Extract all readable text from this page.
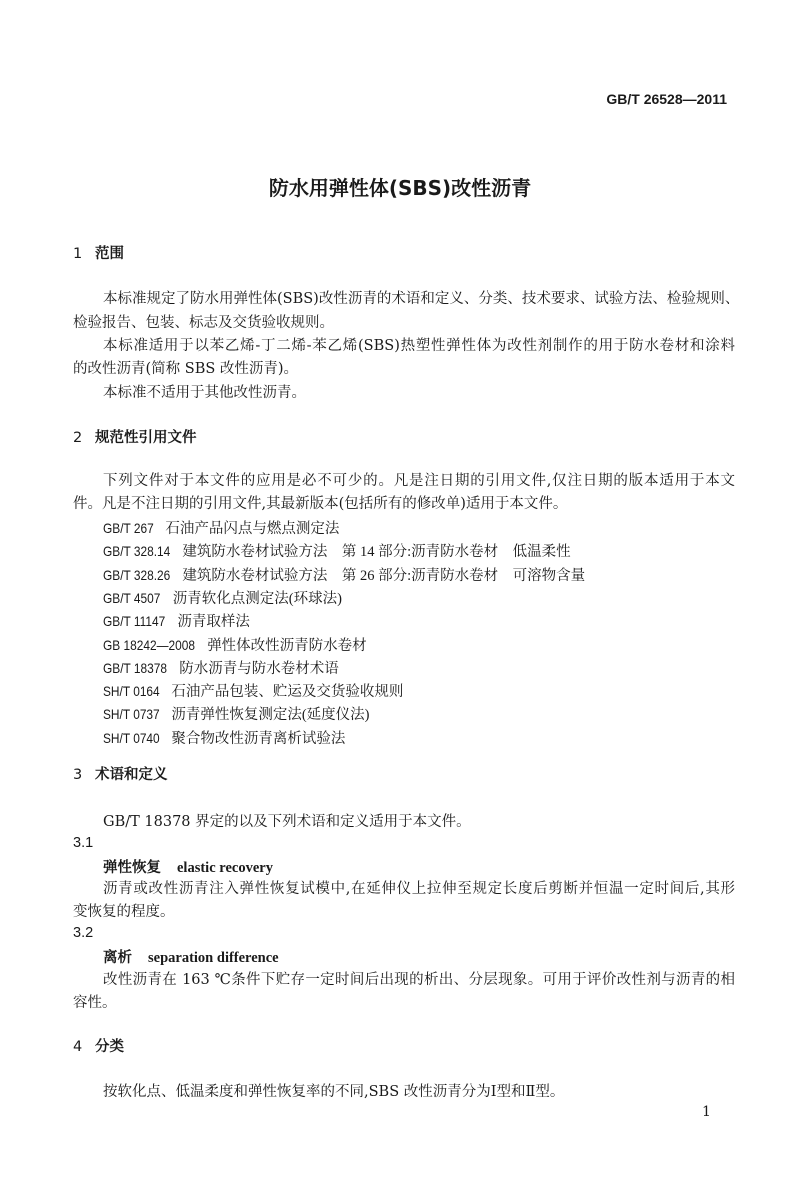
GB/T 26528—2011
防水用弹性体(SBS)改性沥青
1 范围
本标准规定了防水用弹性体(SBS)改性沥青的术语和定义、分类、技术要求、试验方法、检验规则、
检验报告、包装、标志及交货验收规则。
本标准适用于以苯乙烯-丁二烯-苯乙烯(SBS)热塑性弹性体为改性剂制作的用于防水卷材和涂料
的改性沥青(简称 SBS 改性沥青)。
本标准不适用于其他改性沥青。
2 规范性引用文件
下列文件对于本文件的应用是必不可少的。凡是注日期的引用文件,仅注日期的版本适用于本文
件。凡是不注日期的引用文件,其最新版本(包括所有的修改单)适用于本文件。
GB/T 267 石油产品闪点与燃点测定法
GB/T 328.14 建筑防水卷材试验方法　第 14 部分:沥青防水卷材　低温柔性
GB/T 328.26 建筑防水卷材试验方法　第 26 部分:沥青防水卷材　可溶物含量
GB/T 4507 沥青软化点测定法(环球法)
GB/T 11147 沥青取样法
GB 18242—2008 弹性体改性沥青防水卷材
GB/T 18378 防水沥青与防水卷材术语
SH/T 0164 石油产品包装、贮运及交货验收规则
SH/T 0737 沥青弹性恢复测定法(延度仪法)
SH/T 0740 聚合物改性沥青离析试验法
3 术语和定义
GB/T 18378 界定的以及下列术语和定义适用于本文件。
3.1
弹性恢复 elastic recovery
沥青或改性沥青注入弹性恢复试模中,在延伸仪上拉伸至规定长度后剪断并恒温一定时间后,其形
变恢复的程度。
3.2
离析 separation difference
改性沥青在 163 ℃条件下贮存一定时间后出现的析出、分层现象。可用于评价改性剂与沥青的相
容性。
4 分类
按软化点、低温柔度和弹性恢复率的不同,SBS 改性沥青分为Ⅰ型和Ⅱ型。
1
